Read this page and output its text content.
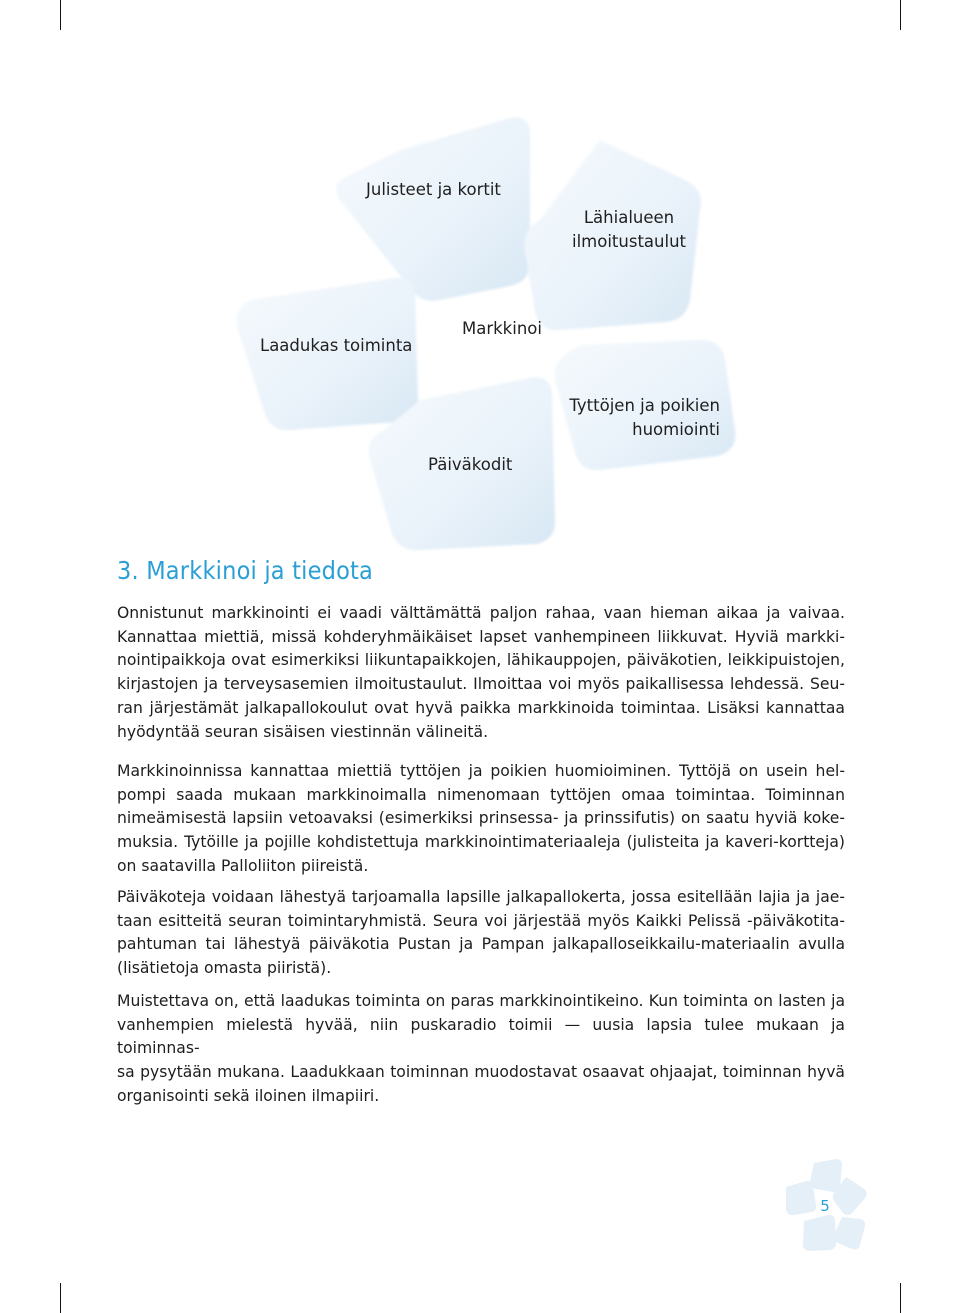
Julisteet ja kortit
Lähialueen
ilmoitustaulut
Laadukas toiminta
Markkinoi
Tyttöjen ja poikien
huomiointi
Päiväkodit
3. Markkinoi ja tiedota
Onnistunut markkinointi ei vaadi välttämättä paljon rahaa, vaan hieman aikaa ja vaivaa.
Kannattaa miettiä, missä kohderyhmäikäiset lapset vanhempineen liikkuvat. Hyviä markki-
nointipaikkoja ovat esimerkiksi liikuntapaikkojen, lähikauppojen, päiväkotien, leikkipuistojen,
kirjastojen ja terveysasemien ilmoitustaulut. Ilmoittaa voi myös paikallisessa lehdessä. Seu-
ran järjestämät jalkapallokoulut ovat hyvä paikka markkinoida toimintaa. Lisäksi kannattaa
hyödyntää seuran sisäisen viestinnän välineitä.
Markkinoinnissa kannattaa miettiä tyttöjen ja poikien huomioiminen. Tyttöjä on usein hel-
pompi saada mukaan markkinoimalla nimenomaan tyttöjen omaa toimintaa. Toiminnan
nimeämisestä lapsiin vetoavaksi (esimerkiksi prinsessa- ja prinssifutis) on saatu hyviä koke-
muksia. Tytöille ja pojille kohdistettuja markkinointimateriaaleja (julisteita ja kaveri-kortteja)
on saatavilla Palloliiton piireistä.
Päiväkoteja voidaan lähestyä tarjoamalla lapsille jalkapallokerta, jossa esitellään lajia ja jae-
taan esitteitä seuran toimintaryhmistä. Seura voi järjestää myös Kaikki Pelissä -päiväkotita-
pahtuman tai lähestyä päiväkotia Pustan ja Pampan jalkapalloseikkailu-materiaalin avulla
(lisätietoja omasta piiristä).
Muistettava on, että laadukas toiminta on paras markkinointikeino. Kun toiminta on lasten ja
vanhempien mielestä hyvää, niin puskaradio toimii — uusia lapsia tulee mukaan ja toiminnas-
sa pysytään mukana. Laadukkaan toiminnan muodostavat osaavat ohjaajat, toiminnan hyvä
organisointi sekä iloinen ilmapiiri.
5
